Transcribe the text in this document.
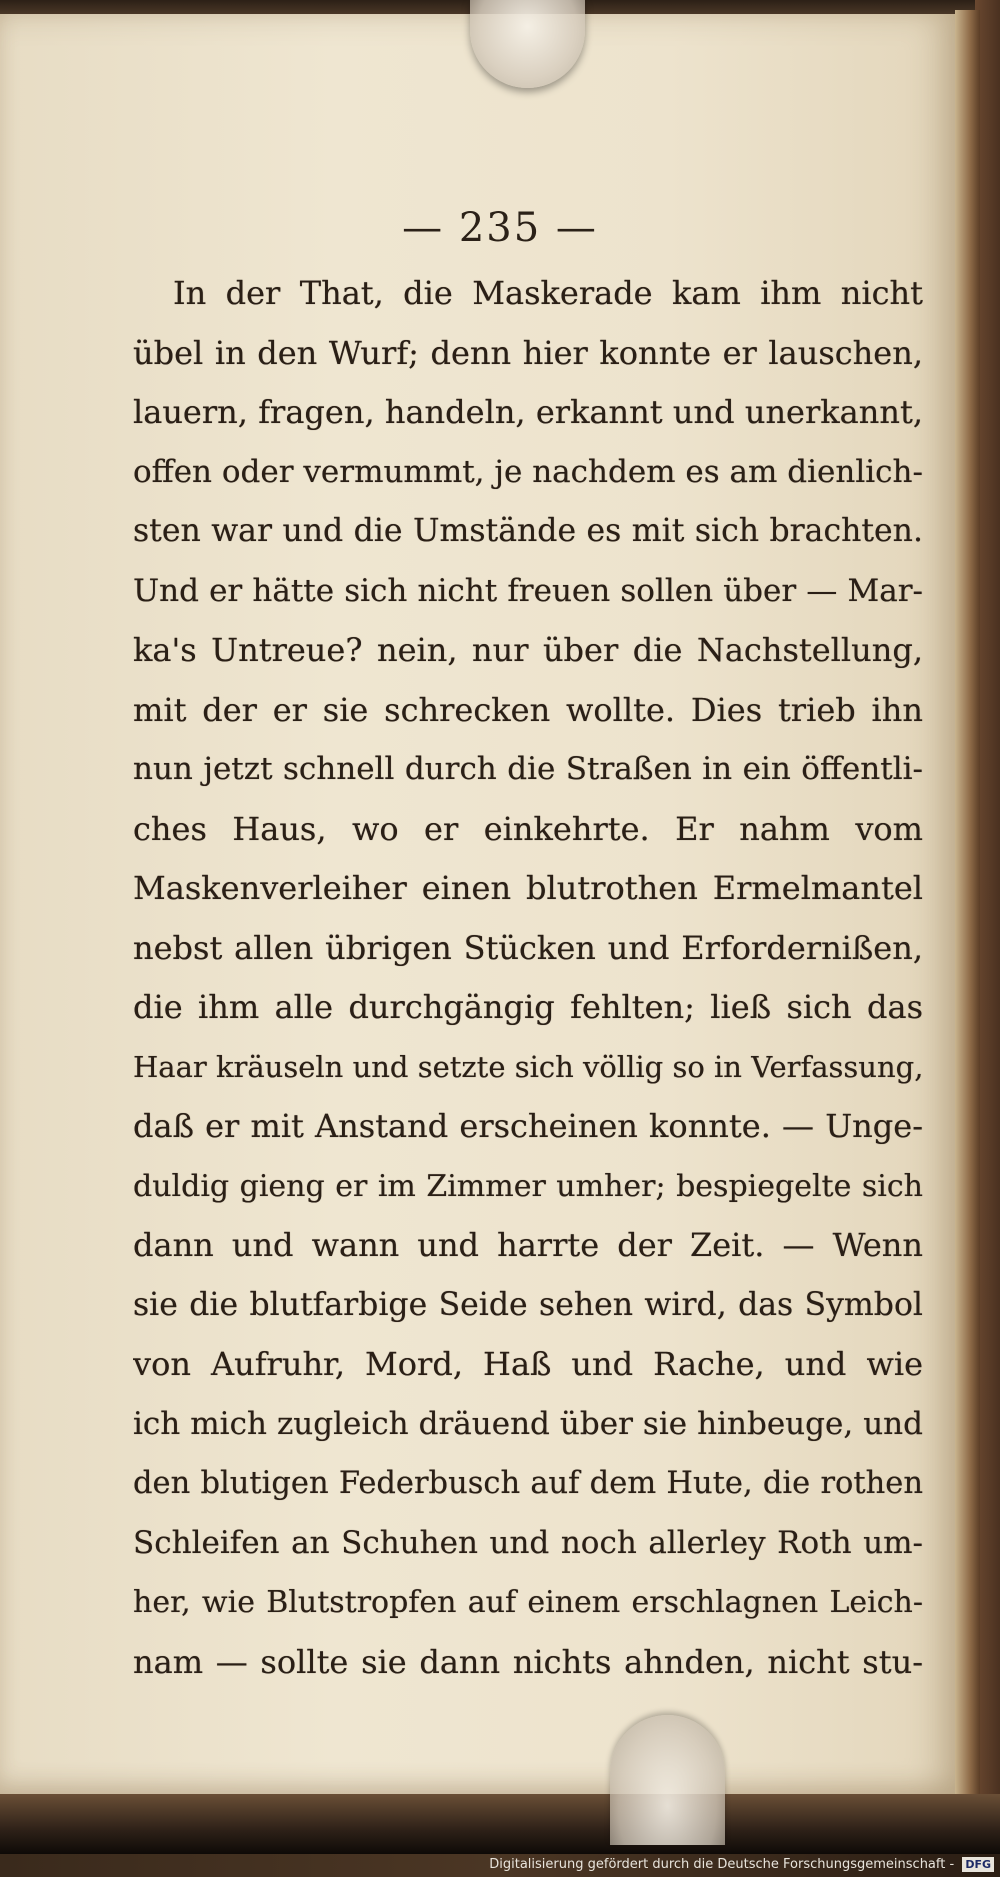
— 235 —
In der That, die Maskerade kam ihm nicht
übel in den Wurf; denn hier konnte er lauschen,
lauern, fragen, handeln, erkannt und unerkannt,
offen oder vermummt, je nachdem es am dienlich-
sten war und die Umstände es mit sich brachten.
Und er hätte sich nicht freuen sollen über — Mar-
ka's Untreue? nein, nur über die Nachstellung,
mit der er sie schrecken wollte. Dies trieb ihn
nun jetzt schnell durch die Straßen in ein öffentli-
ches Haus, wo er einkehrte. Er nahm vom
Maskenverleiher einen blutrothen Ermelmantel
nebst allen übrigen Stücken und Erfordernißen,
die ihm alle durchgängig fehlten; ließ sich das
Haar kräuseln und setzte sich völlig so in Verfassung,
daß er mit Anstand erscheinen konnte. — Unge-
duldig gieng er im Zimmer umher; bespiegelte sich
dann und wann und harrte der Zeit. — Wenn
sie die blutfarbige Seide sehen wird, das Symbol
von Aufruhr, Mord, Haß und Rache, und wie
ich mich zugleich dräuend über sie hinbeuge, und
den blutigen Federbusch auf dem Hute, die rothen
Schleifen an Schuhen und noch allerley Roth um-
her, wie Blutstropfen auf einem erschlagnen Leich-
nam — sollte sie dann nichts ahnden, nicht stu-
Digitalisierung gefördert durch die Deutsche Forschungsgemeinschaft - DFG
